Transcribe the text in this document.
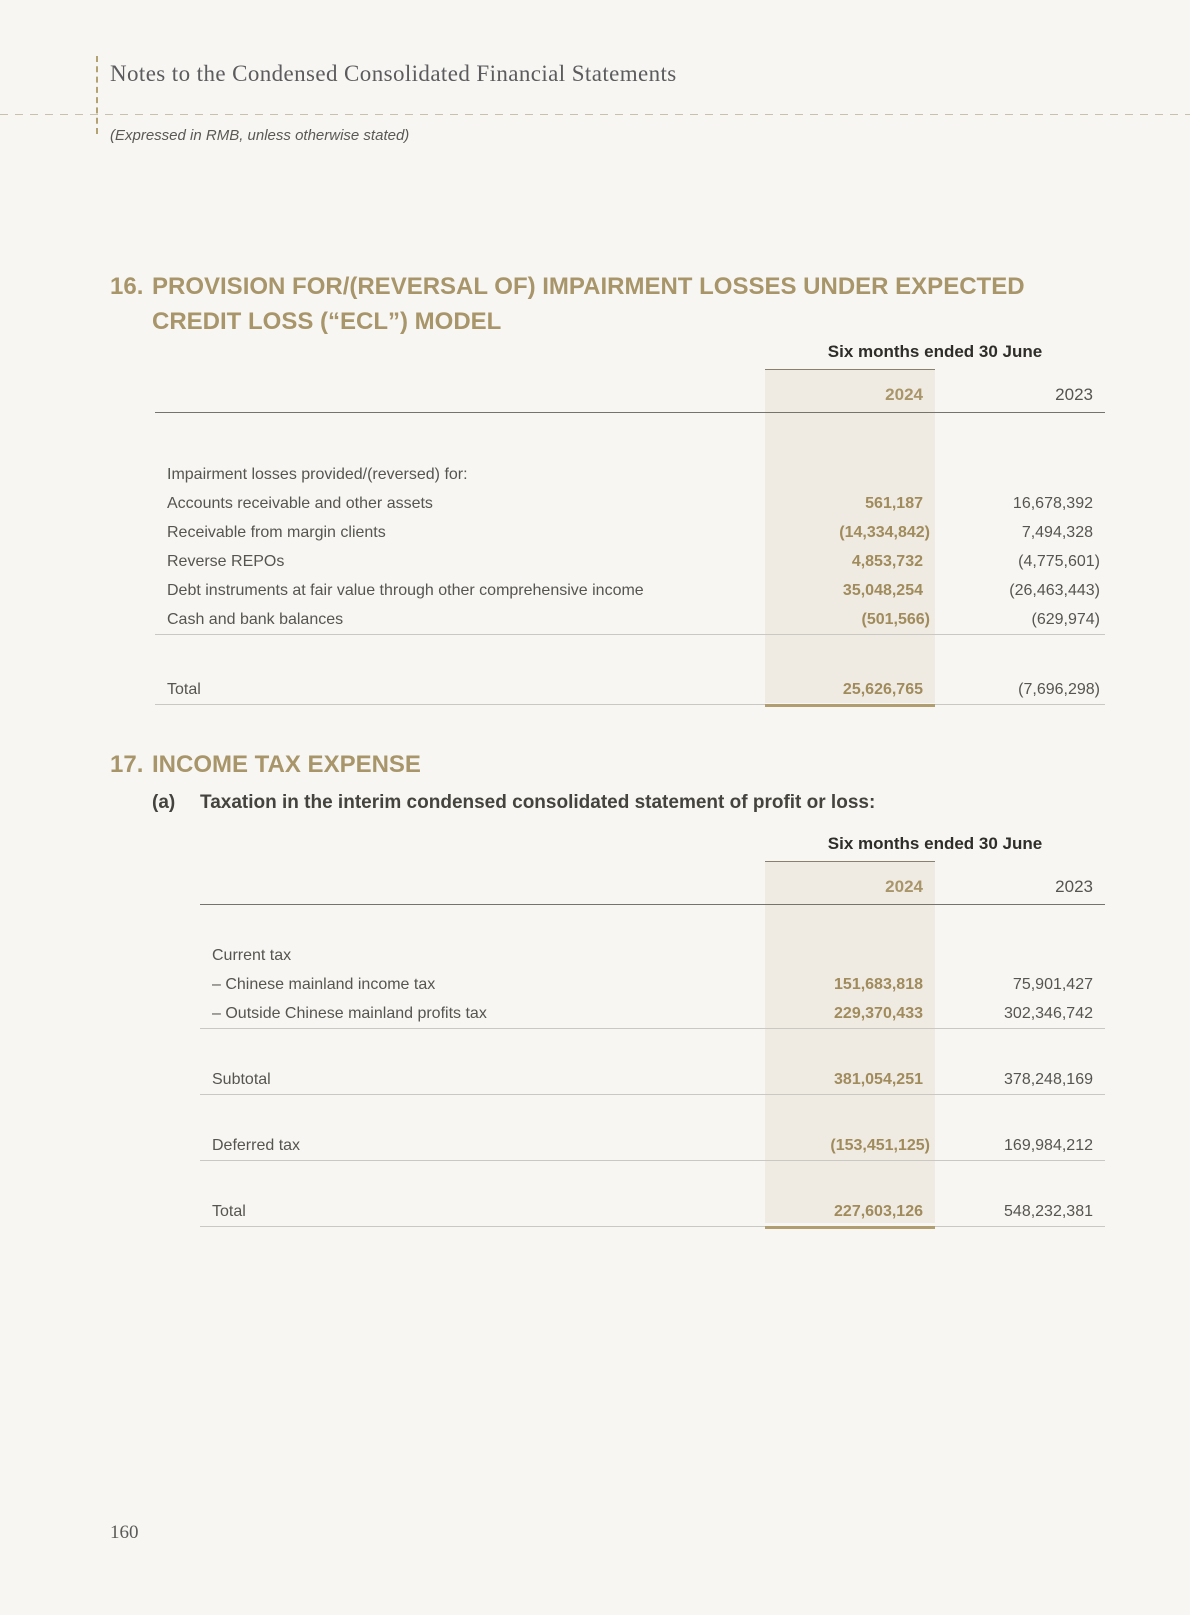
Notes to the Condensed Consolidated Financial Statements
(Expressed in RMB, unless otherwise stated)
16. PROVISION FOR/(REVERSAL OF) IMPAIRMENT LOSSES UNDER EXPECTED CREDIT LOSS (“ECL”) MODEL
Six months ended 30 June
2024	2023
Impairment losses provided/(reversed) for:
Accounts receivable and other assets	561,187	16,678,392
Receivable from margin clients	(14,334,842)	7,494,328
Reverse REPOs	4,853,732	(4,775,601)
Debt instruments at fair value through other comprehensive income	35,048,254	(26,463,443)
Cash and bank balances	(501,566)	(629,974)
Total	25,626,765	(7,696,298)
17. INCOME TAX EXPENSE
(a)	Taxation in the interim condensed consolidated statement of profit or loss:
Six months ended 30 June
2024	2023
Current tax
– Chinese mainland income tax	151,683,818	75,901,427
– Outside Chinese mainland profits tax	229,370,433	302,346,742
Subtotal	381,054,251	378,248,169
Deferred tax	(153,451,125)	169,984,212
Total	227,603,126	548,232,381
160
